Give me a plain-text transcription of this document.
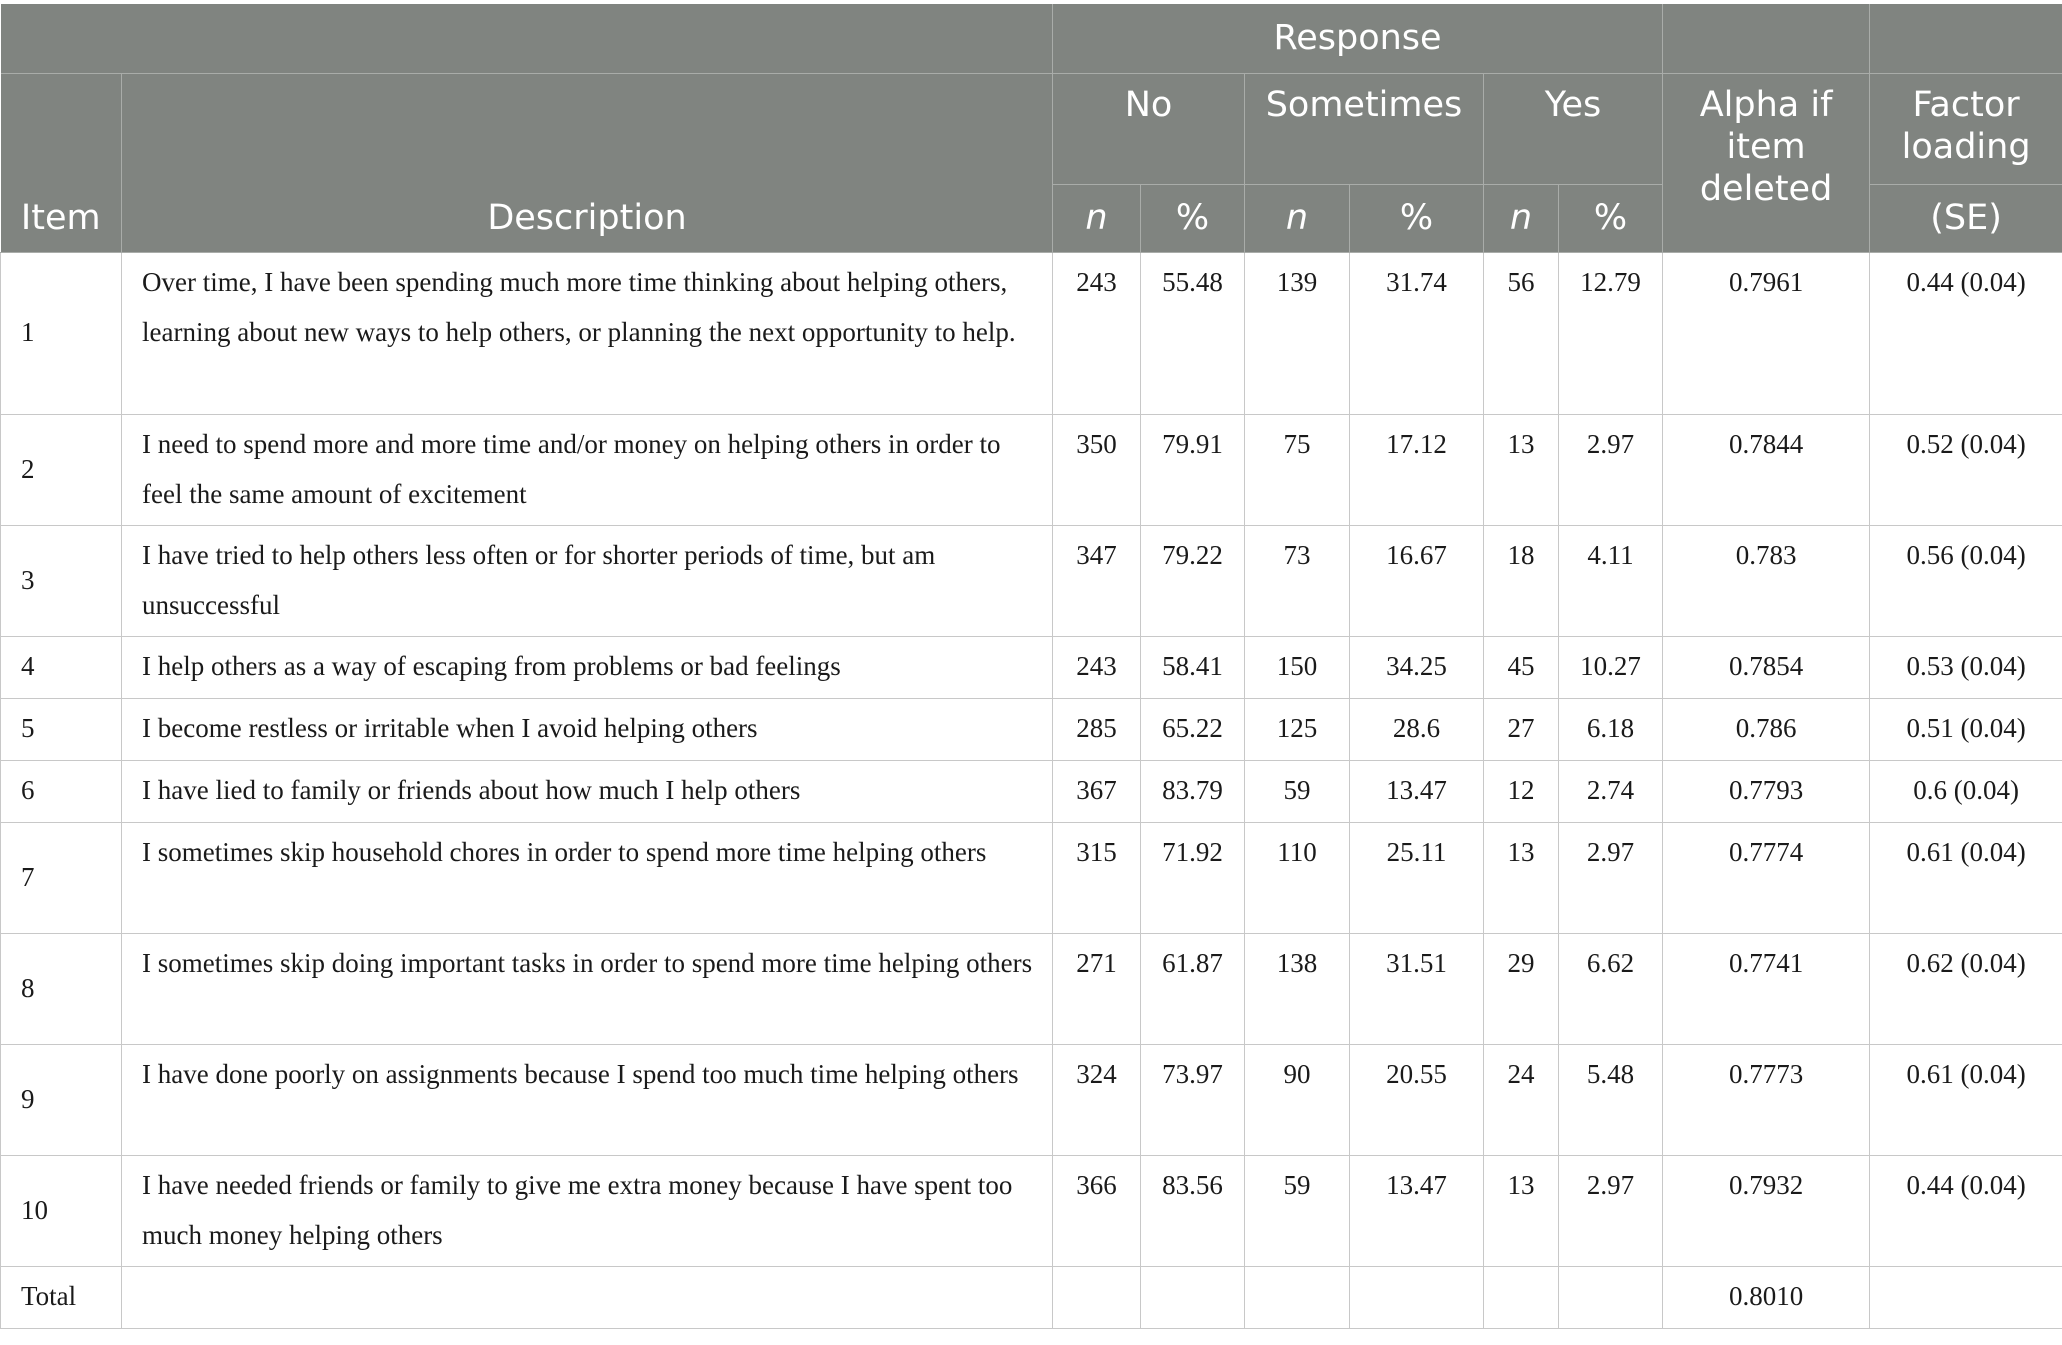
		Response							
		No		Sometimes		Yes		Alpha if item deleted	Factor loading
Item	Description	n	%	n	%	n	%		(SE)
1	Over time, I have been spending much more time thinking about helping others, learning about new ways to help others, or planning the next opportunity to help.	243	55.48	139	31.74	56	12.79	0.7961	0.44 (0.04)
2	I need to spend more and more time and/or money on helping others in order to feel the same amount of excitement	350	79.91	75	17.12	13	2.97	0.7844	0.52 (0.04)
3	I have tried to help others less often or for shorter periods of time, but am unsuccessful	347	79.22	73	16.67	18	4.11	0.783	0.56 (0.04)
4	I help others as a way of escaping from problems or bad feelings	243	58.41	150	34.25	45	10.27	0.7854	0.53 (0.04)
5	I become restless or irritable when I avoid helping others	285	65.22	125	28.6	27	6.18	0.786	0.51 (0.04)
6	I have lied to family or friends about how much I help others	367	83.79	59	13.47	12	2.74	0.7793	0.6 (0.04)
7	I sometimes skip household chores in order to spend more time helping others	315	71.92	110	25.11	13	2.97	0.7774	0.61 (0.04)
8	I sometimes skip doing important tasks in order to spend more time helping others	271	61.87	138	31.51	29	6.62	0.7741	0.62 (0.04)
9	I have done poorly on assignments because I spend too much time helping others	324	73.97	90	20.55	24	5.48	0.7773	0.61 (0.04)
10	I have needed friends or family to give me extra money because I have spent too much money helping others	366	83.56	59	13.47	13	2.97	0.7932	0.44 (0.04)
Total								0.8010	
